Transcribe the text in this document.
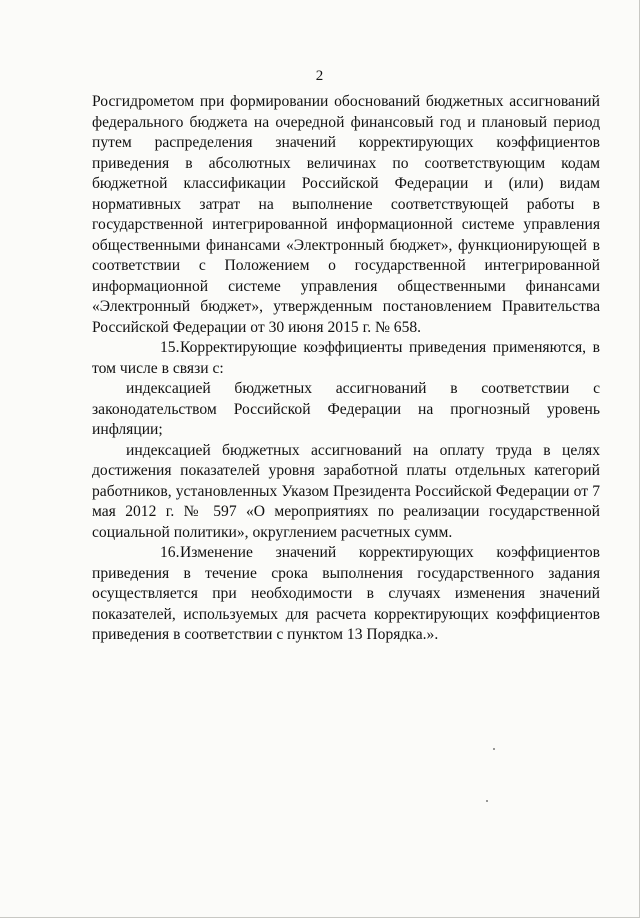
2

Росгидрометом при формировании обоснований бюджетных ассигнований федерального бюджета на очередной финансовый год и плановый период путем распределения значений корректирующих коэффициентов приведения в абсолютных величинах по соответствующим кодам бюджетной классификации Российской Федерации и (или) видам нормативных затрат на выполнение соответствующей работы в государственной интегрированной информационной системе управления общественными финансами «Электронный бюджет», функционирующей в соответствии с Положением о государственной интегрированной информационной системе управления общественными финансами «Электронный бюджет», утвержденным постановлением Правительства Российской Федерации от 30 июня 2015 г. № 658.

15.Корректирующие коэффициенты приведения применяются, в том числе в связи с:

индексацией бюджетных ассигнований в соответствии с законодательством Российской Федерации на прогнозный уровень инфляции;

индексацией бюджетных ассигнований на оплату труда в целях достижения показателей уровня заработной платы отдельных категорий работников, установленных Указом Президента Российской Федерации от 7 мая 2012 г. № 597 «О мероприятиях по реализации государственной социальной политики», округлением расчетных сумм.

16.Изменение значений корректирующих коэффициентов приведения в течение срока выполнения государственного задания осуществляется при необходимости в случаях изменения значений показателей, используемых для расчета корректирующих коэффициентов приведения в соответствии с пунктом 13 Порядка.».
